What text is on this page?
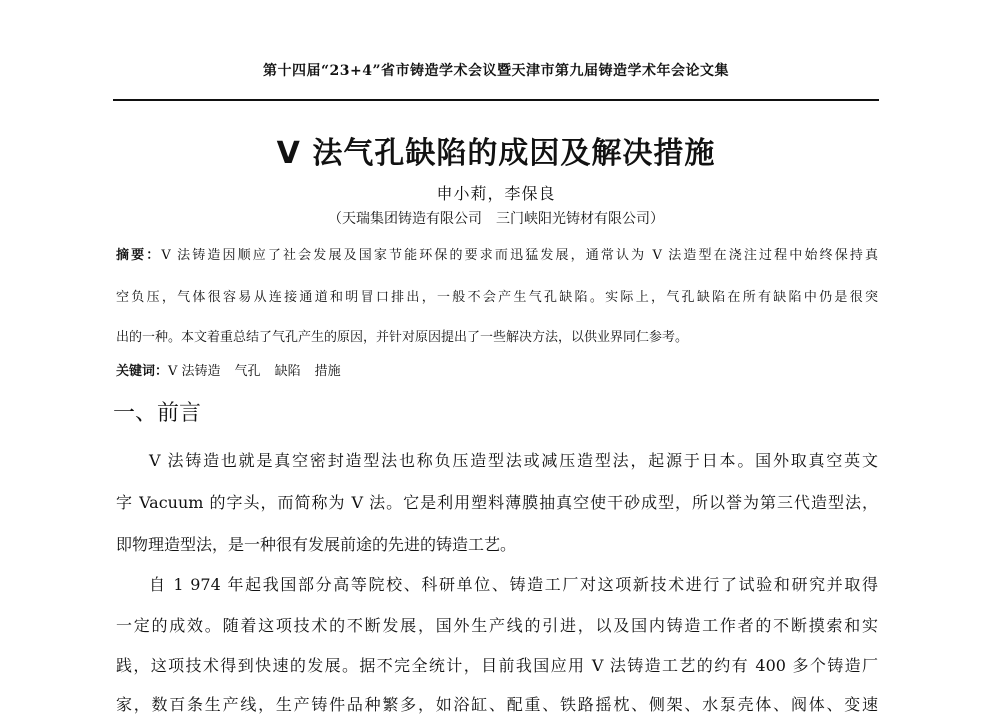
第十四届“23+4”省市铸造学术会议暨天津市第九届铸造学术年会论文集
V 法气孔缺陷的成因及解决措施
申小莉，李保良
（天瑞集团铸造有限公司　三门峡阳光铸材有限公司）
摘要：V 法铸造因顺应了社会发展及国家节能环保的要求而迅猛发展，通常认为 V 法造型在浇注过程中始终保持真
空负压，气体很容易从连接通道和明冒口排出，一般不会产生气孔缺陷。实际上，气孔缺陷在所有缺陷中仍是很突
出的一种。本文着重总结了气孔产生的原因，并针对原因提出了一些解决方法，以供业界同仁参考。
关键词：V 法铸造 气孔 缺陷 措施
一、前言
V 法铸造也就是真空密封造型法也称负压造型法或减压造型法，起源于日本。国外取真空英文
字 Vacuum 的字头，而简称为 V 法。它是利用塑料薄膜抽真空使干砂成型，所以誉为第三代造型法，
即物理造型法，是一种很有发展前途的先进的铸造工艺。
自 1 974 年起我国部分高等院校、科研单位、铸造工厂对这项新技术进行了试验和研究并取得
一定的成效。随着这项技术的不断发展，国外生产线的引进，以及国内铸造工作者的不断摸索和实
践，这项技术得到快速的发展。据不完全统计，目前我国应用 V 法铸造工艺的约有 400 多个铸造厂
家，数百条生产线，生产铸件品种繁多，如浴缸、配重、铁路摇枕、侧架、水泵壳体、阀体、变速
